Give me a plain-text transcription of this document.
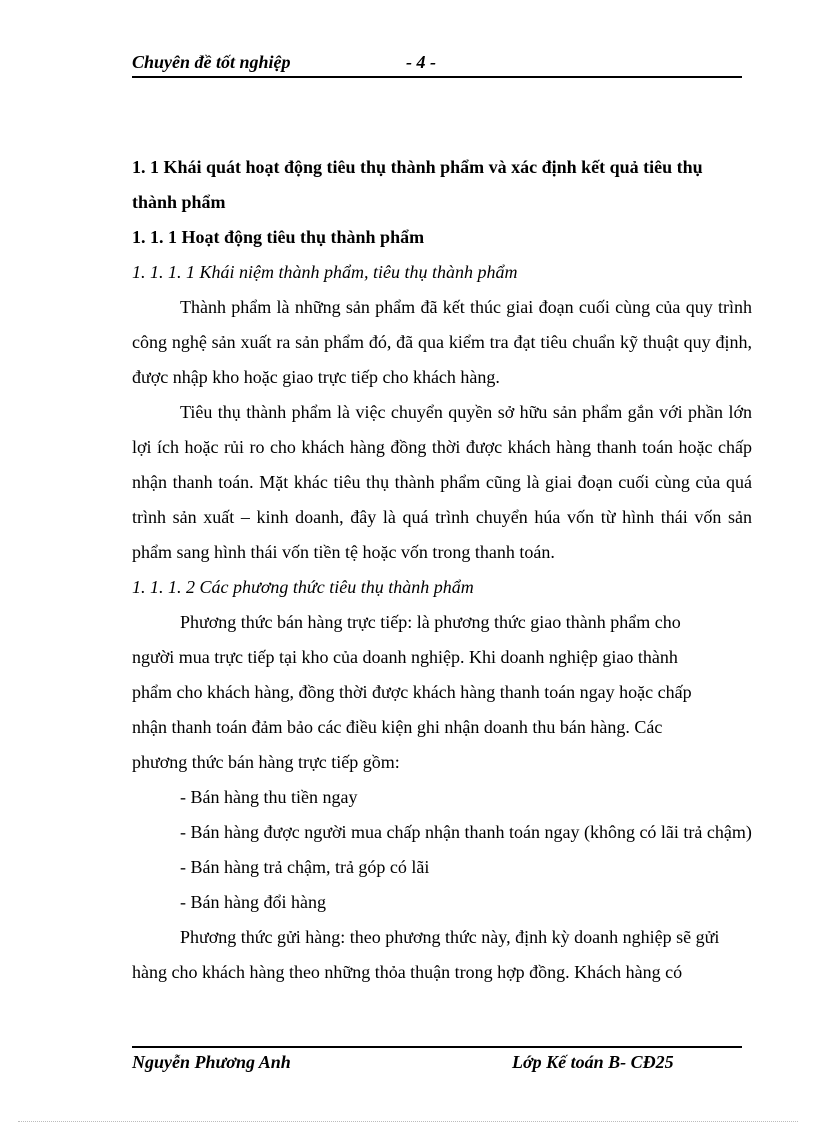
Chuyên đề tốt nghiệp	- 4 -

1. 1 Khái quát hoạt động tiêu thụ thành phẩm và xác định kết quả tiêu thụ thành phẩm

1. 1. 1 Hoạt động tiêu thụ thành phẩm

1. 1. 1. 1 Khái niệm thành phẩm, tiêu thụ thành phẩm

Thành phẩm là những sản phẩm đã kết thúc giai đoạn cuối cùng của quy trình công nghệ sản xuất ra sản phẩm đó, đã qua kiểm tra đạt tiêu chuẩn kỹ thuật quy định, được nhập kho hoặc giao trực tiếp cho khách hàng.

Tiêu thụ thành phẩm là việc chuyển quyền sở hữu sản phẩm gắn với phần lớn lợi ích hoặc rủi ro cho khách hàng đồng thời được khách hàng thanh toán hoặc chấp nhận thanh toán. Mặt khác tiêu thụ thành phẩm cũng là giai đoạn cuối cùng của quá trình sản xuất – kinh doanh, đây là quá trình chuyển húa vốn từ hình thái vốn sản phẩm sang hình thái vốn tiền tệ hoặc vốn trong thanh toán.

1. 1. 1. 2 Các phương thức tiêu thụ thành phẩm

Phương thức bán hàng trực tiếp: là phương thức giao thành phẩm cho người mua trực tiếp tại kho của doanh nghiệp. Khi doanh nghiệp giao thành phẩm cho khách hàng, đồng thời được khách hàng thanh toán ngay hoặc chấp nhận thanh toán đảm bảo các điều kiện ghi nhận doanh thu bán hàng. Các phương thức bán hàng trực tiếp gồm:

- Bán hàng thu tiền ngay

- Bán hàng được người mua chấp nhận thanh toán ngay (không có lãi trả chậm)

- Bán hàng trả chậm, trả góp có lãi

- Bán hàng đổi hàng

Phương thức gửi hàng: theo phương thức này, định kỳ doanh nghiệp sẽ gửi hàng cho khách hàng theo những thỏa thuận trong hợp đồng. Khách hàng có

Nguyễn Phương Anh	Lớp Kế toán B- CĐ25
